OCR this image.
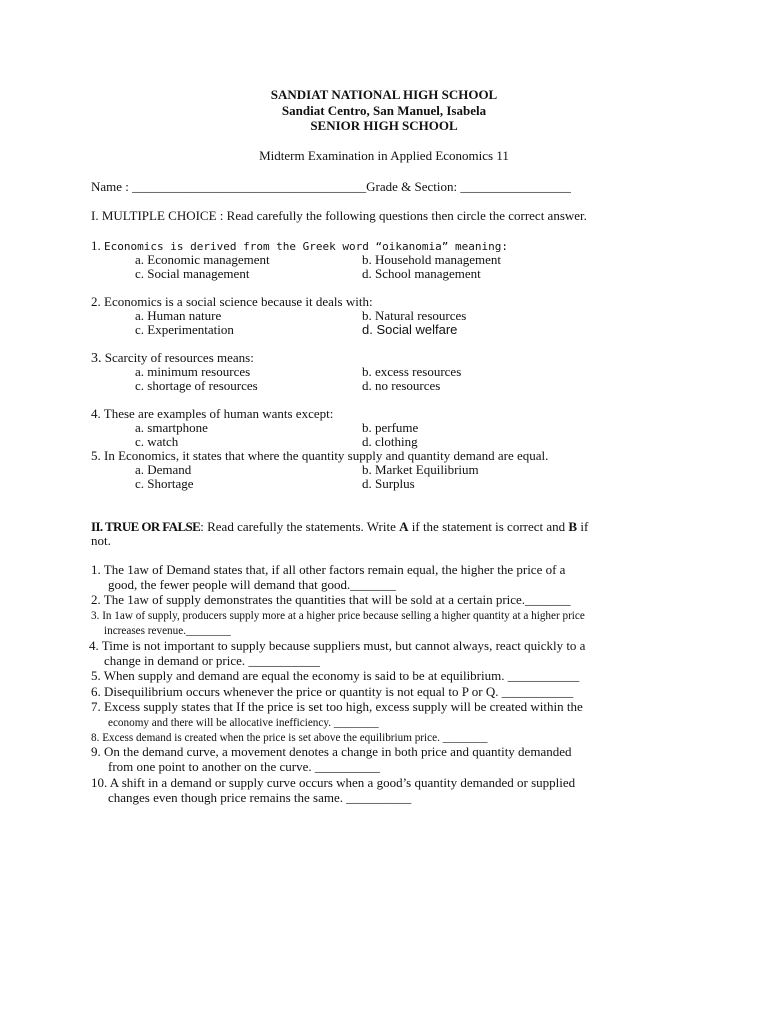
SANDIAT NATIONAL HIGH SCHOOL
Sandiat Centro, San Manuel, Isabela
SENIOR HIGH SCHOOL
Midterm Examination in Applied Economics 11
Name : ____________________________________Grade & Section: _________________
I. MULTIPLE CHOICE : Read carefully the following questions then circle the correct answer.
1. Economics is derived from the Greek word “oikanomia” meaning:
a. Economic management	b. Household management
c. Social management	d. School management
2. Economics is a social science because it deals with:
a. Human nature	b. Natural resources
c. Experimentation	d. Social welfare
3. Scarcity of resources means:
a. minimum resources	b. excess resources
c. shortage of resources	d. no resources
4. These are examples of human wants except:
a. smartphone	b. perfume
c. watch	d. clothing
5. In Economics, it states that where the quantity supply and quantity demand are equal.
a. Demand	b. Market Equilibrium
c. Shortage	d. Surplus
II. TRUE OR FALSE: Read carefully the statements. Write A if the statement is correct and B if
not.
1. The 1aw of Demand states that, if all other factors remain equal, the higher the price of a
good, the fewer people will demand that good._______
2. The 1aw of supply demonstrates the quantities that will be sold at a certain price._______
3. In 1aw of supply, producers supply more at a higher price because selling a higher quantity at a higher price
increases revenue.________
4. Time is not important to supply because suppliers must, but cannot always, react quickly to a
change in demand or price. ___________
5. When supply and demand are equal the economy is said to be at equilibrium. ___________
6. Disequilibrium occurs whenever the price or quantity is not equal to P or Q. ___________
7. Excess supply states that If the price is set too high, excess supply will be created within the
economy and there will be allocative inefficiency. ________
8. Excess demand is created when the price is set above the equilibrium price. ________
9. On the demand curve, a movement denotes a change in both price and quantity demanded
from one point to another on the curve. __________
10. A shift in a demand or supply curve occurs when a good’s quantity demanded or supplied
changes even though price remains the same. __________
